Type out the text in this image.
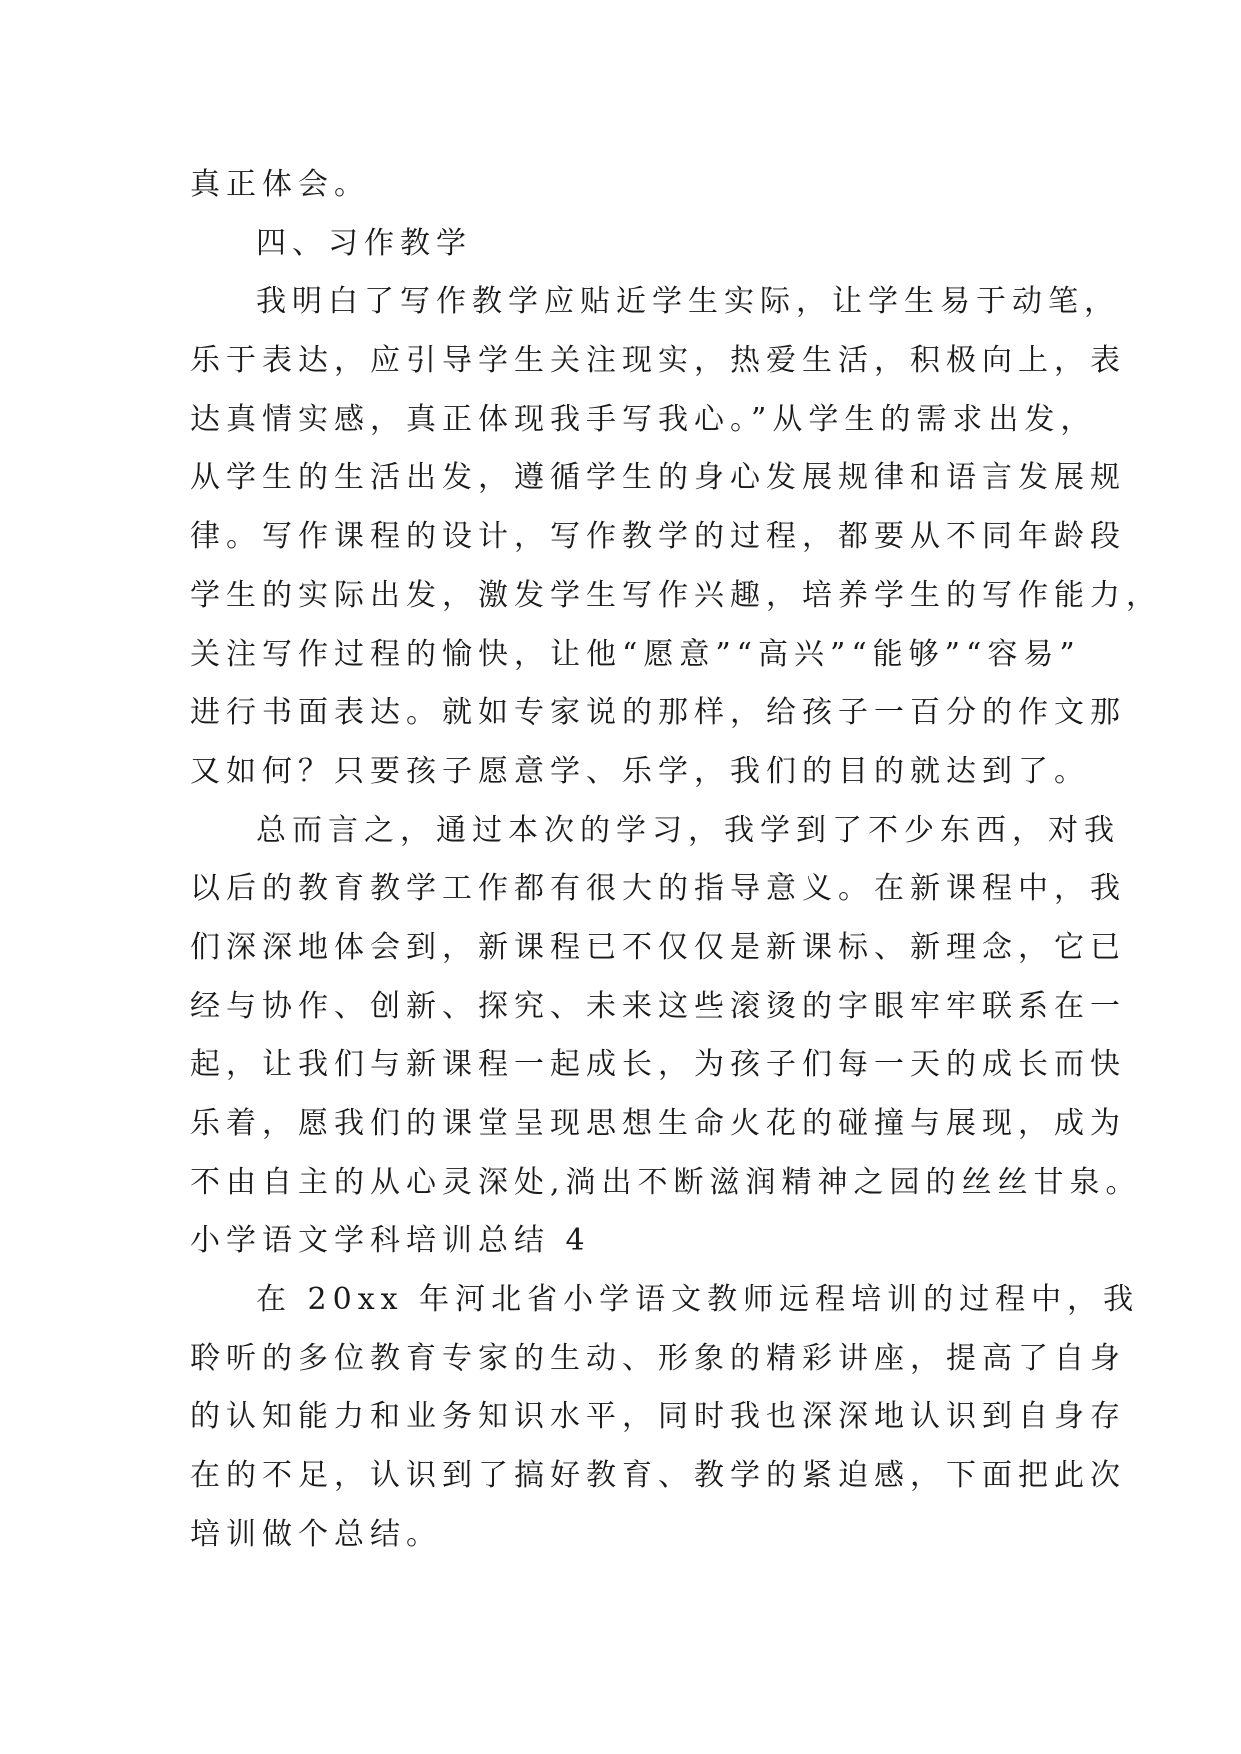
真正体会。
四、习作教学
我明白了写作教学应贴近学生实际，让学生易于动笔，
乐于表达，应引导学生关注现实，热爱生活，积极向上，表
达真情实感，真正体现我手写我心。”从学生的需求出发，
从学生的生活出发，遵循学生的身心发展规律和语言发展规
律。写作课程的设计，写作教学的过程，都要从不同年龄段
学生的实际出发，激发学生写作兴趣，培养学生的写作能力，
关注写作过程的愉快，让他“愿意”“高兴”“能够”“容易”
进行书面表达。就如专家说的那样，给孩子一百分的作文那
又如何？只要孩子愿意学、乐学，我们的目的就达到了。
总而言之，通过本次的学习，我学到了不少东西，对我
以后的教育教学工作都有很大的指导意义。在新课程中，我
们深深地体会到，新课程已不仅仅是新课标、新理念，它已
经与协作、创新、探究、未来这些滚烫的字眼牢牢联系在一
起，让我们与新课程一起成长，为孩子们每一天的成长而快
乐着，愿我们的课堂呈现思想生命火花的碰撞与展现，成为
不由自主的从心灵深处,淌出不断滋润精神之园的丝丝甘泉。
小学语文学科培训总结 4
在 20xx 年河北省小学语文教师远程培训的过程中，我
聆听的多位教育专家的生动、形象的精彩讲座，提高了自身
的认知能力和业务知识水平，同时我也深深地认识到自身存
在的不足，认识到了搞好教育、教学的紧迫感，下面把此次
培训做个总结。
